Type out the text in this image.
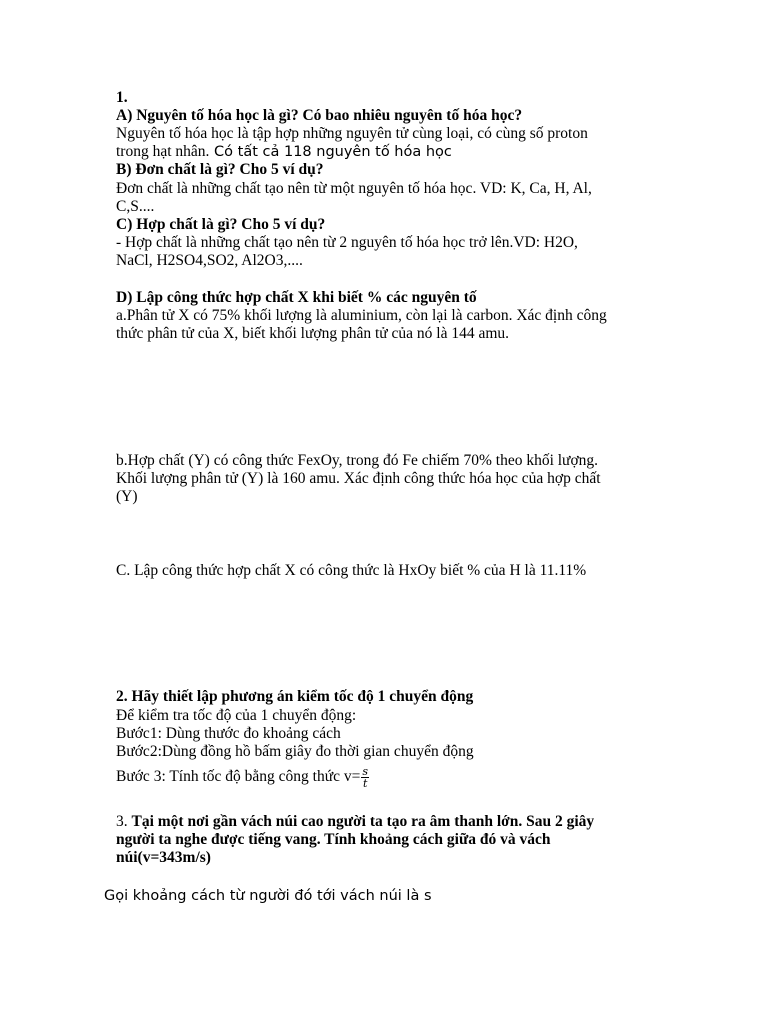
1.
A) Nguyên tố hóa học là gì? Có bao nhiêu nguyên tố hóa học?
Nguyên tố hóa học là tập hợp những nguyên tử cùng loại, có cùng số proton
trong hạt nhân. Có tất cả 118 nguyên tố hóa học
B) Đơn chất là gì? Cho 5 ví dụ?
Đơn chất là những chất tạo nên từ một nguyên tố hóa học. VD: K, Ca, H, Al,
C,S....
C) Hợp chất là gì? Cho 5 ví dụ?
- Hợp chất là những chất tạo nên từ 2 nguyên tố hóa học trở lên.VD: H2O,
NaCl, H2SO4,SO2, Al2O3,....
D) Lập công thức hợp chất X khi biết % các nguyên tố
a.Phân tử X có 75% khối lượng là aluminium, còn lại là carbon. Xác định công
thức phân tử của X, biết khối lượng phân tử của nó là 144 amu.
b.Hợp chất (Y) có công thức FexOy, trong đó Fe chiếm 70% theo khối lượng.
Khối lượng phân tử (Y) là 160 amu. Xác định công thức hóa học của hợp chất
(Y)
C. Lập công thức hợp chất X có công thức là HxOy biết % của H là 11.11%
2. Hãy thiết lập phương án kiểm tốc độ 1 chuyển động
Để kiểm tra tốc độ của 1 chuyển động:
Bước1: Dùng thước đo khoảng cách
Bước2:Dùng đồng hồ bấm giây đo thời gian chuyển động
Bước 3: Tính tốc độ bằng công thức $v= \frac{s}{t}$
3. Tại một nơi gần vách núi cao người ta tạo ra âm thanh lớn. Sau 2 giây
người ta nghe được tiếng vang. Tính khoảng cách giữa đó và vách
núi(v=343m/s)
Gọi khoảng cách từ người đó tới vách núi là s
